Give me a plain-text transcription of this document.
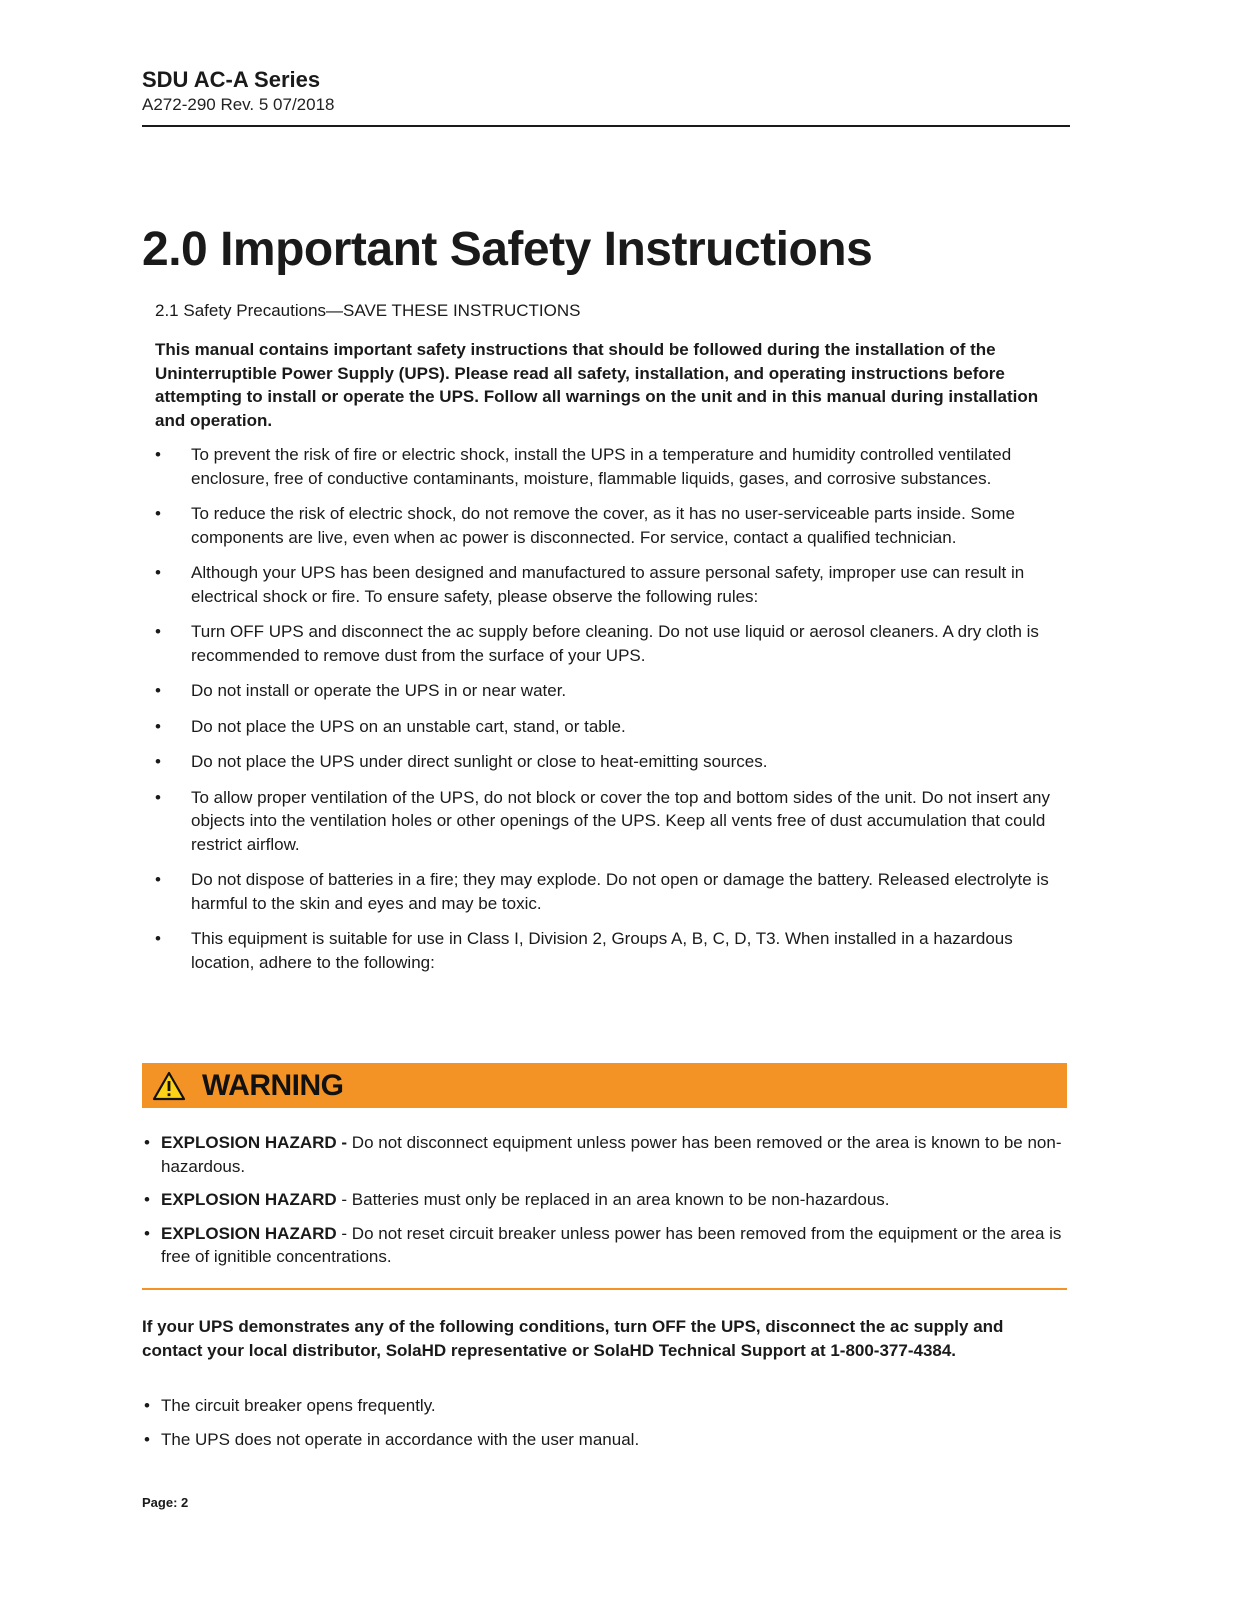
SDU AC-A Series
A272-290 Rev. 5 07/2018
2.0 Important Safety Instructions
2.1 Safety Precautions—SAVE THESE INSTRUCTIONS

This manual contains important safety instructions that should be followed during the installation of the Uninterruptible Power Supply (UPS). Please read all safety, installation, and operating instructions before attempting to install or operate the UPS. Follow all warnings on the unit and in this manual during installation and operation.

• To prevent the risk of fire or electric shock, install the UPS in a temperature and humidity controlled ventilated enclosure, free of conductive contaminants, moisture, flammable liquids, gases, and corrosive substances.
• To reduce the risk of electric shock, do not remove the cover, as it has no user-serviceable parts inside. Some components are live, even when ac power is disconnected. For service, contact a qualified technician.
• Although your UPS has been designed and manufactured to assure personal safety, improper use can result in electrical shock or fire. To ensure safety, please observe the following rules:
• Turn OFF UPS and disconnect the ac supply before cleaning. Do not use liquid or aerosol cleaners. A dry cloth is recommended to remove dust from the surface of your UPS.
• Do not install or operate the UPS in or near water.
• Do not place the UPS on an unstable cart, stand, or table.
• Do not place the UPS under direct sunlight or close to heat-emitting sources.
• To allow proper ventilation of the UPS, do not block or cover the top and bottom sides of the unit. Do not insert any objects into the ventilation holes or other openings of the UPS. Keep all vents free of dust accumulation that could restrict airflow.
• Do not dispose of batteries in a fire; they may explode. Do not open or damage the battery. Released electrolyte is harmful to the skin and eyes and may be toxic.
• This equipment is suitable for use in Class I, Division 2, Groups A, B, C, D, T3. When installed in a hazardous location, adhere to the following:
WARNING
• EXPLOSION HAZARD - Do not disconnect equipment unless power has been removed or the area is known to be non-hazardous.
• EXPLOSION HAZARD - Batteries must only be replaced in an area known to be non-hazardous.
• EXPLOSION HAZARD - Do not reset circuit breaker unless power has been removed from the equipment or the area is free of ignitible concentrations.

If your UPS demonstrates any of the following conditions, turn OFF the UPS, disconnect the ac supply and contact your local distributor, SolaHD representative or SolaHD Technical Support at 1-800-377-4384.

• The circuit breaker opens frequently.
• The UPS does not operate in accordance with the user manual.
Page: 2
